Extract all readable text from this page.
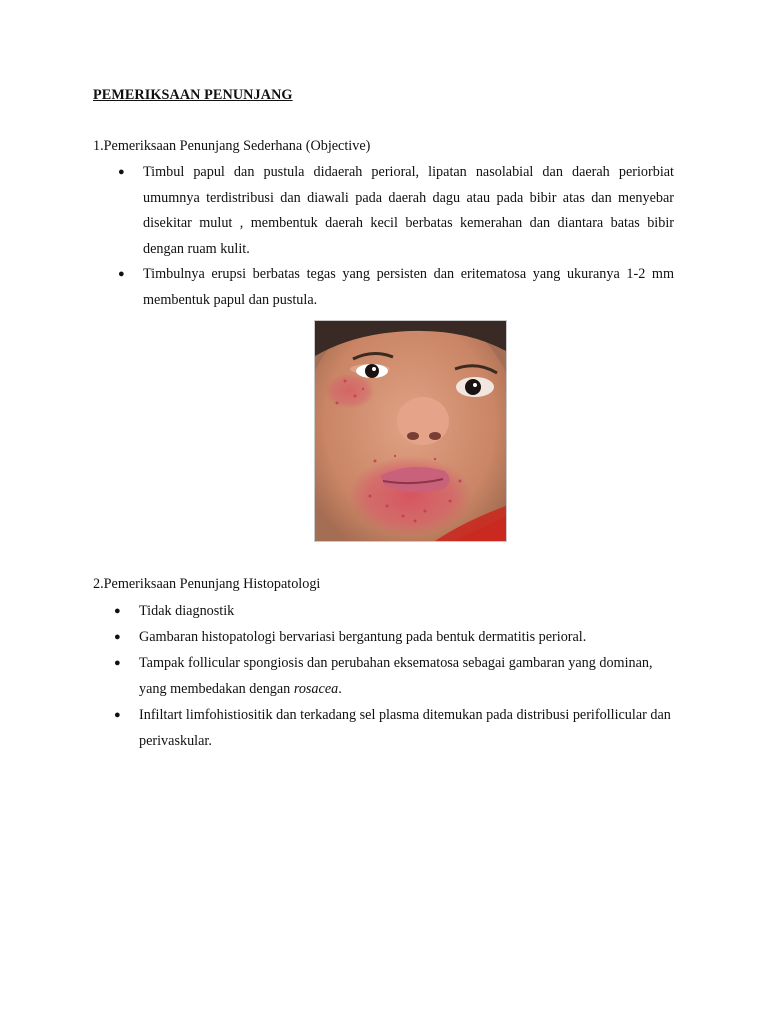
PEMERIKSAAN PENUNJANG
1.Pemeriksaan Penunjang Sederhana (Objective)
● Timbul papul dan pustula didaerah perioral, lipatan nasolabial dan daerah periorbiat umumnya terdistribusi dan diawali pada daerah dagu atau pada bibir atas dan menyebar disekitar mulut , membentuk daerah kecil berbatas kemerahan dan diantara batas bibir dengan ruam kulit.
● Timbulnya erupsi berbatas tegas yang persisten dan eritematosa yang ukuranya 1-2 mm membentuk papul dan pustula.
2.Pemeriksaan Penunjang Histopatologi
● Tidak diagnostik
● Gambaran histopatologi bervariasi bergantung pada bentuk dermatitis perioral.
● Tampak follicular spongiosis dan perubahan eksematosa sebagai gambaran yang dominan, yang membedakan dengan rosacea.
● Infiltart limfohistiositik dan terkadang sel plasma ditemukan pada distribusi perifollicular dan perivaskular.
